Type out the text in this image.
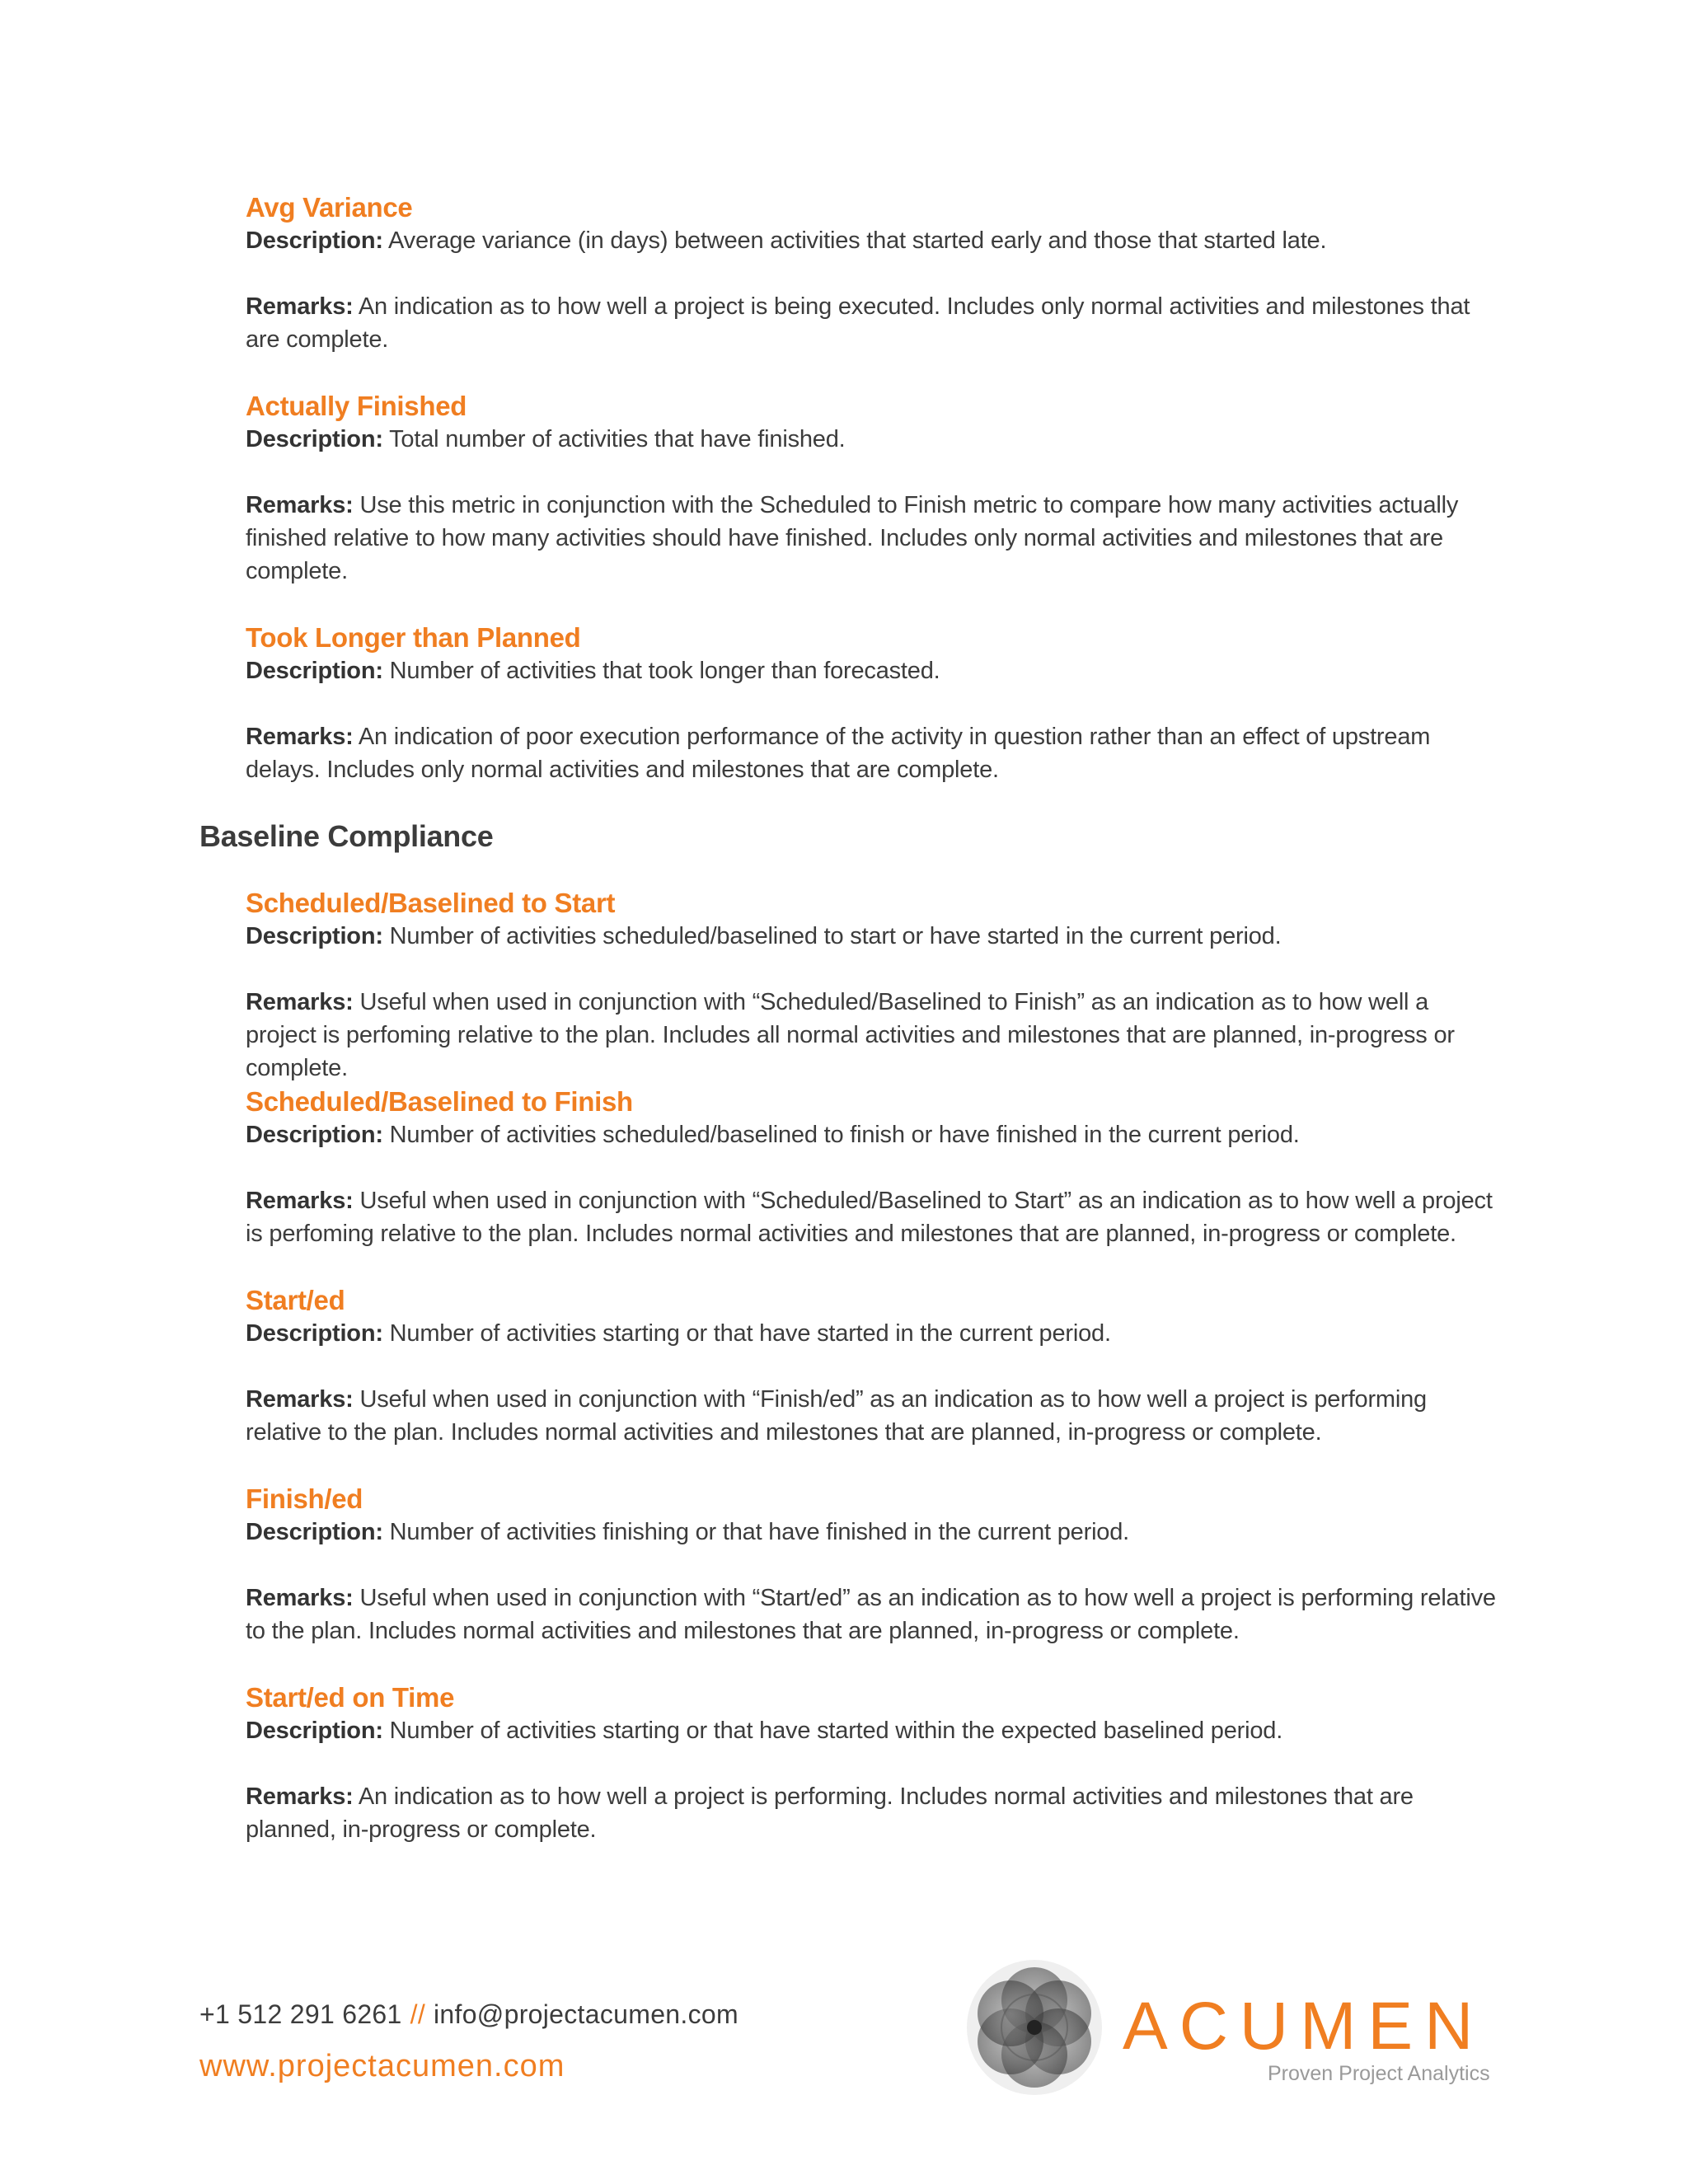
Avg Variance

Description: Average variance (in days) between activities that started early and those that started late.

Remarks: An indication as to how well a project is being executed. Includes only normal activities and milestones that are complete.

Actually Finished

Description: Total number of activities that have finished.

Remarks: Use this metric in conjunction with the Scheduled to Finish metric to compare how many activities actually finished relative to how many activities should have finished. Includes only normal activities and milestones that are complete.

Took Longer than Planned

Description: Number of activities that took longer than forecasted.

Remarks: An indication of poor execution performance of the activity in question rather than an effect of upstream delays. Includes only normal activities and milestones that are complete.

Baseline Compliance
Scheduled/Baselined to Start

Description: Number of activities scheduled/baselined to start or have started in the current period.

Remarks: Useful when used in conjunction with “Scheduled/Baselined to Finish” as an indication as to how well a project is perfoming relative to the plan. Includes all normal activities and milestones that are planned, in-progress or complete.

Scheduled/Baselined to Finish

Description: Number of activities scheduled/baselined to finish or have finished in the current period.

Remarks: Useful when used in conjunction with “Scheduled/Baselined to Start” as an indication as to how well a project is perfoming relative to the plan. Includes normal activities and milestones that are planned, in-progress or complete.

Start/ed

Description: Number of activities starting or that have started in the current period.

Remarks: Useful when used in conjunction with “Finish/ed” as an indication as to how well a project is performing relative to the plan. Includes normal activities and milestones that are planned, in-progress or complete.

Finish/ed

Description: Number of activities finishing or that have finished in the current period.

Remarks: Useful when used in conjunction with “Start/ed” as an indication as to how well a project is performing relative to the plan. Includes normal activities and milestones that are planned, in-progress or complete.

Start/ed on Time

Description: Number of activities starting or that have started within the expected baselined period.

Remarks: An indication as to how well a project is performing. Includes normal activities and milestones that are planned, in-progress or complete.

+1 512 291 6261 // info@projectacumen.com
www.projectacumen.com
ACUMEN
Proven Project Analytics
